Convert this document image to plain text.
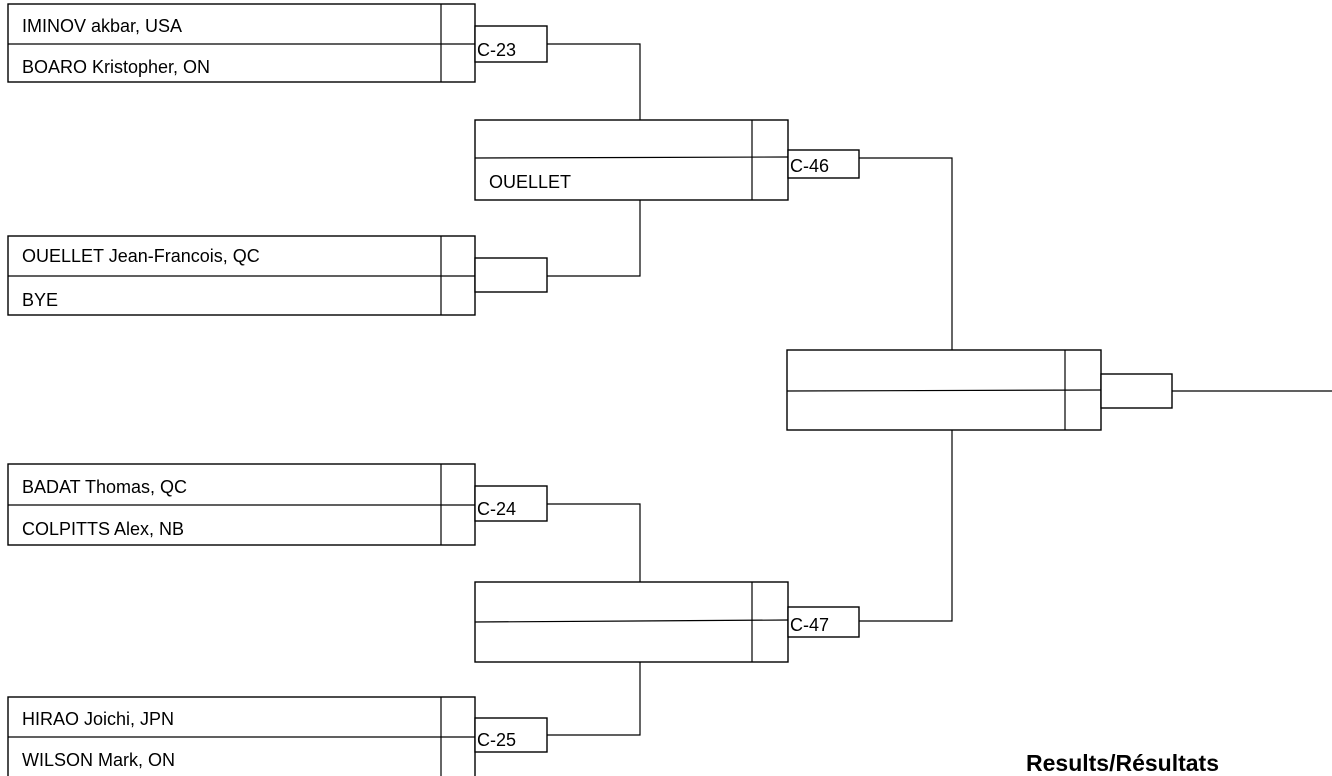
IMINOV akbar, USA
BOARO Kristopher, ON
C-23
OUELLET Jean-Francois, QC
BYE
BADAT Thomas, QC
COLPITTS Alex, NB
C-24
HIRAO Joichi, JPN
WILSON Mark, ON
C-25
OUELLET
C-46
C-47
Results/Résultats
